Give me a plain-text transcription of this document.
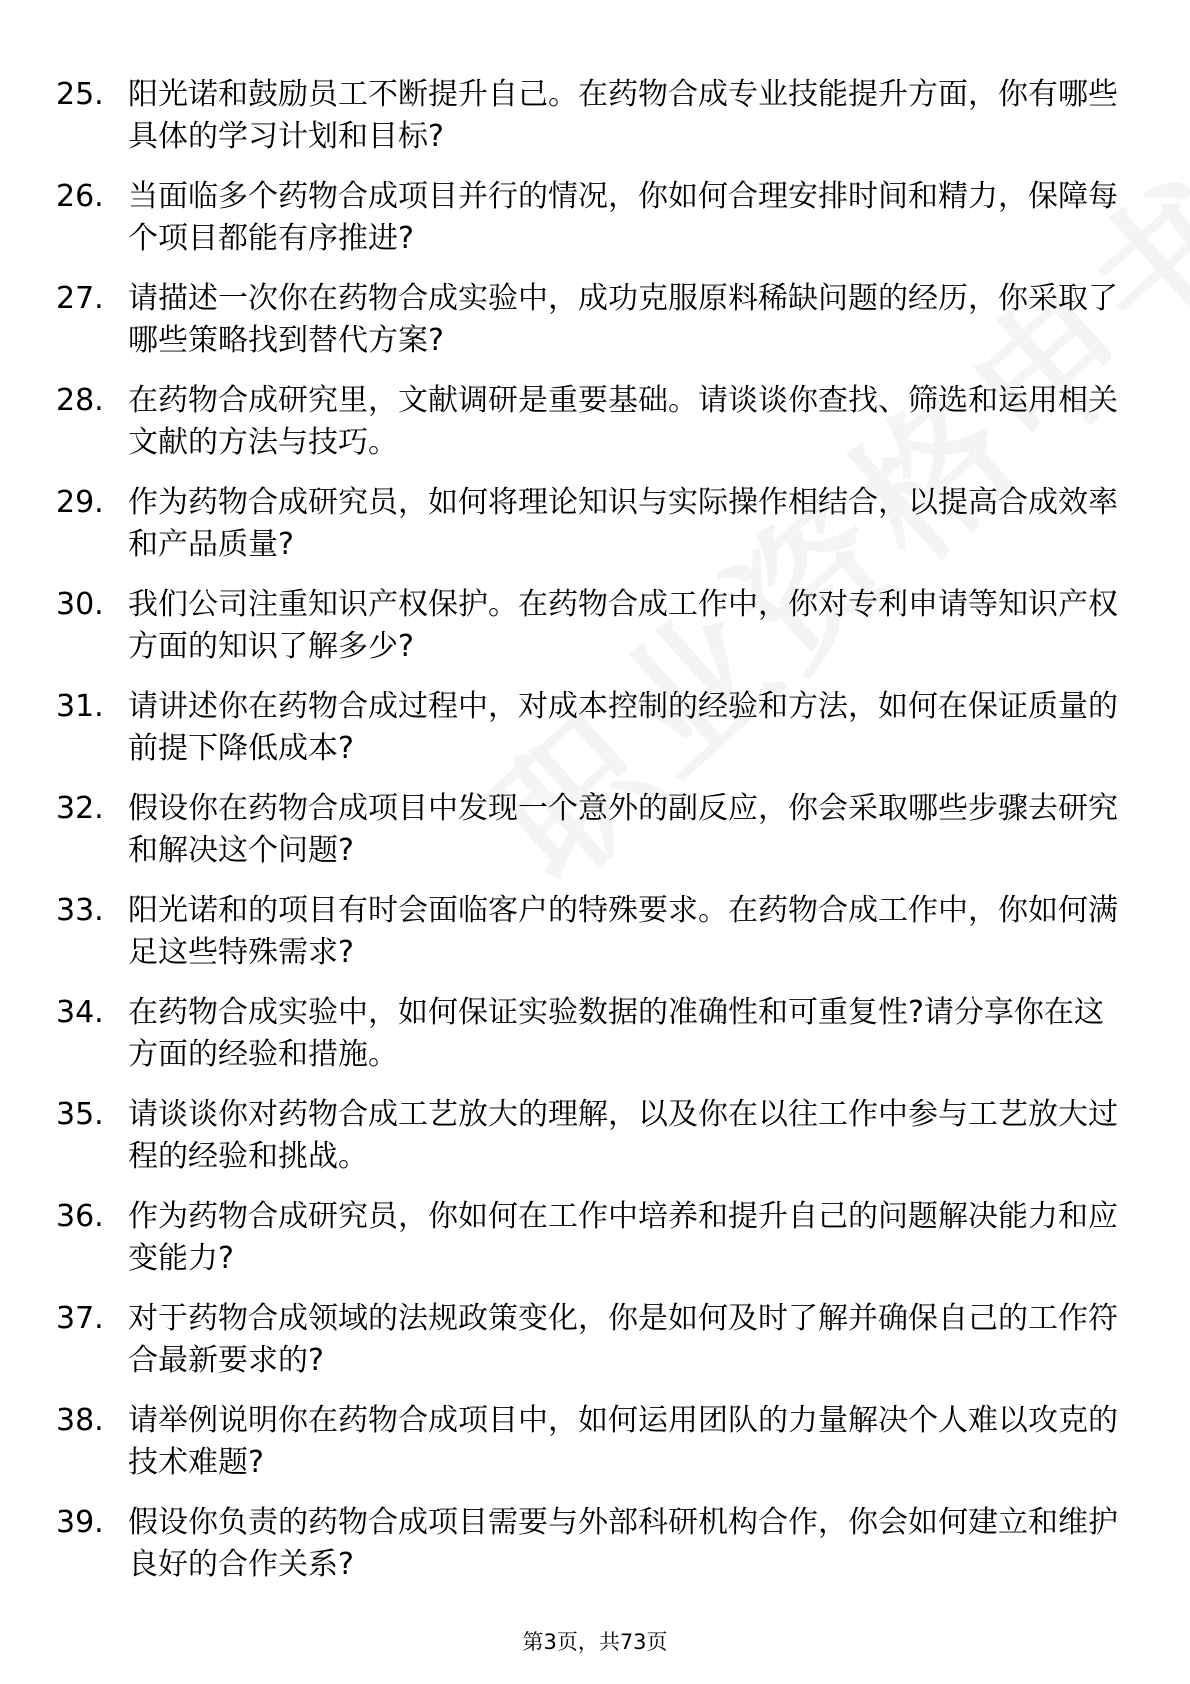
25. 阳光诺和鼓励员工不断提升自己。在药物合成专业技能提升方面，你有哪些具体的学习计划和目标?
26. 当面临多个药物合成项目并行的情况，你如何合理安排时间和精力，保障每个项目都能有序推进?
27. 请描述一次你在药物合成实验中，成功克服原料稀缺问题的经历，你采取了哪些策略找到替代方案?
28. 在药物合成研究里，文献调研是重要基础。请谈谈你查找、筛选和运用相关文献的方法与技巧。
29. 作为药物合成研究员，如何将理论知识与实际操作相结合，以提高合成效率和产品质量?
30. 我们公司注重知识产权保护。在药物合成工作中，你对专利申请等知识产权方面的知识了解多少?
31. 请讲述你在药物合成过程中，对成本控制的经验和方法，如何在保证质量的前提下降低成本?
32. 假设你在药物合成项目中发现一个意外的副反应，你会采取哪些步骤去研究和解决这个问题?
33. 阳光诺和的项目有时会面临客户的特殊要求。在药物合成工作中，你如何满足这些特殊需求?
34. 在药物合成实验中，如何保证实验数据的准确性和可重复性?请分享你在这方面的经验和措施。
35. 请谈谈你对药物合成工艺放大的理解，以及你在以往工作中参与工艺放大过程的经验和挑战。
36. 作为药物合成研究员，你如何在工作中培养和提升自己的问题解决能力和应变能力?
37. 对于药物合成领域的法规政策变化，你是如何及时了解并确保自己的工作符合最新要求的?
38. 请举例说明你在药物合成项目中，如何运用团队的力量解决个人难以攻克的技术难题?
39. 假设你负责的药物合成项目需要与外部科研机构合作，你会如何建立和维护良好的合作关系?
第3页，共73页
